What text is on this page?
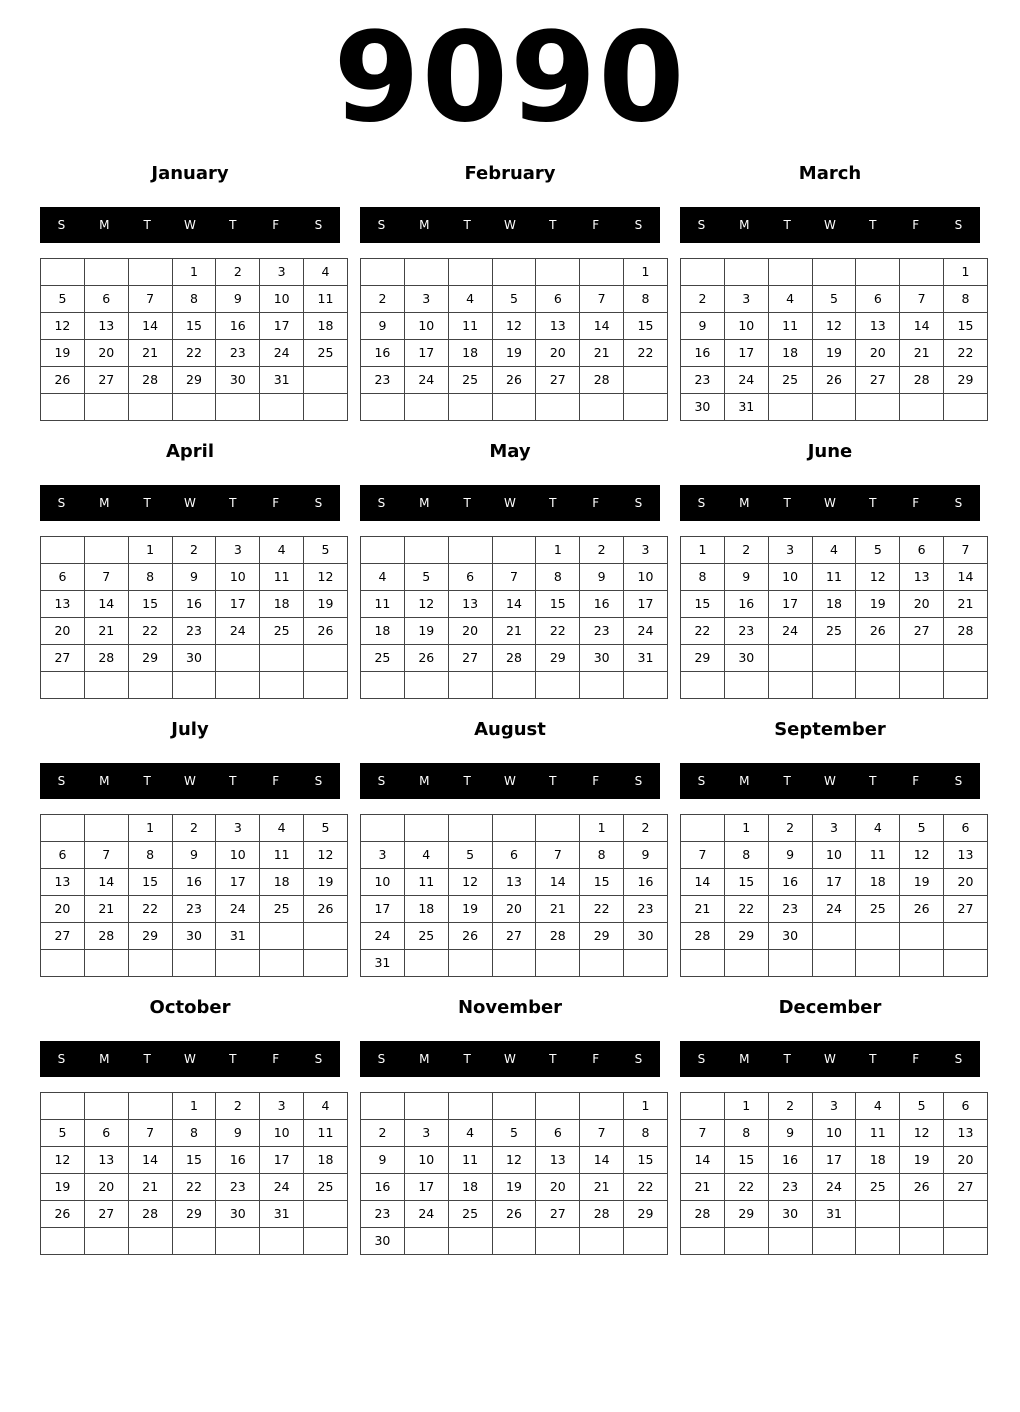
9090
January
S	M	T	W	T	F	S
			1	2	3	4
5	6	7	8	9	10	11
12	13	14	15	16	17	18
19	20	21	22	23	24	25
26	27	28	29	30	31	

February
S	M	T	W	T	F	S
						1
2	3	4	5	6	7	8
9	10	11	12	13	14	15
16	17	18	19	20	21	22
23	24	25	26	27	28	

March
S	M	T	W	T	F	S
						1
2	3	4	5	6	7	8
9	10	11	12	13	14	15
16	17	18	19	20	21	22
23	24	25	26	27	28	29
30	31					
April
S	M	T	W	T	F	S
		1	2	3	4	5
6	7	8	9	10	11	12
13	14	15	16	17	18	19
20	21	22	23	24	25	26
27	28	29	30			

May
S	M	T	W	T	F	S
				1	2	3
4	5	6	7	8	9	10
11	12	13	14	15	16	17
18	19	20	21	22	23	24
25	26	27	28	29	30	31

June
S	M	T	W	T	F	S
1	2	3	4	5	6	7
8	9	10	11	12	13	14
15	16	17	18	19	20	21
22	23	24	25	26	27	28
29	30					

July
S	M	T	W	T	F	S
		1	2	3	4	5
6	7	8	9	10	11	12
13	14	15	16	17	18	19
20	21	22	23	24	25	26
27	28	29	30	31		

August
S	M	T	W	T	F	S
					1	2
3	4	5	6	7	8	9
10	11	12	13	14	15	16
17	18	19	20	21	22	23
24	25	26	27	28	29	30
31						
September
S	M	T	W	T	F	S
	1	2	3	4	5	6
7	8	9	10	11	12	13
14	15	16	17	18	19	20
21	22	23	24	25	26	27
28	29	30				

October
S	M	T	W	T	F	S
			1	2	3	4
5	6	7	8	9	10	11
12	13	14	15	16	17	18
19	20	21	22	23	24	25
26	27	28	29	30	31	

November
S	M	T	W	T	F	S
						1
2	3	4	5	6	7	8
9	10	11	12	13	14	15
16	17	18	19	20	21	22
23	24	25	26	27	28	29
30						
December
S	M	T	W	T	F	S
	1	2	3	4	5	6
7	8	9	10	11	12	13
14	15	16	17	18	19	20
21	22	23	24	25	26	27
28	29	30	31			
